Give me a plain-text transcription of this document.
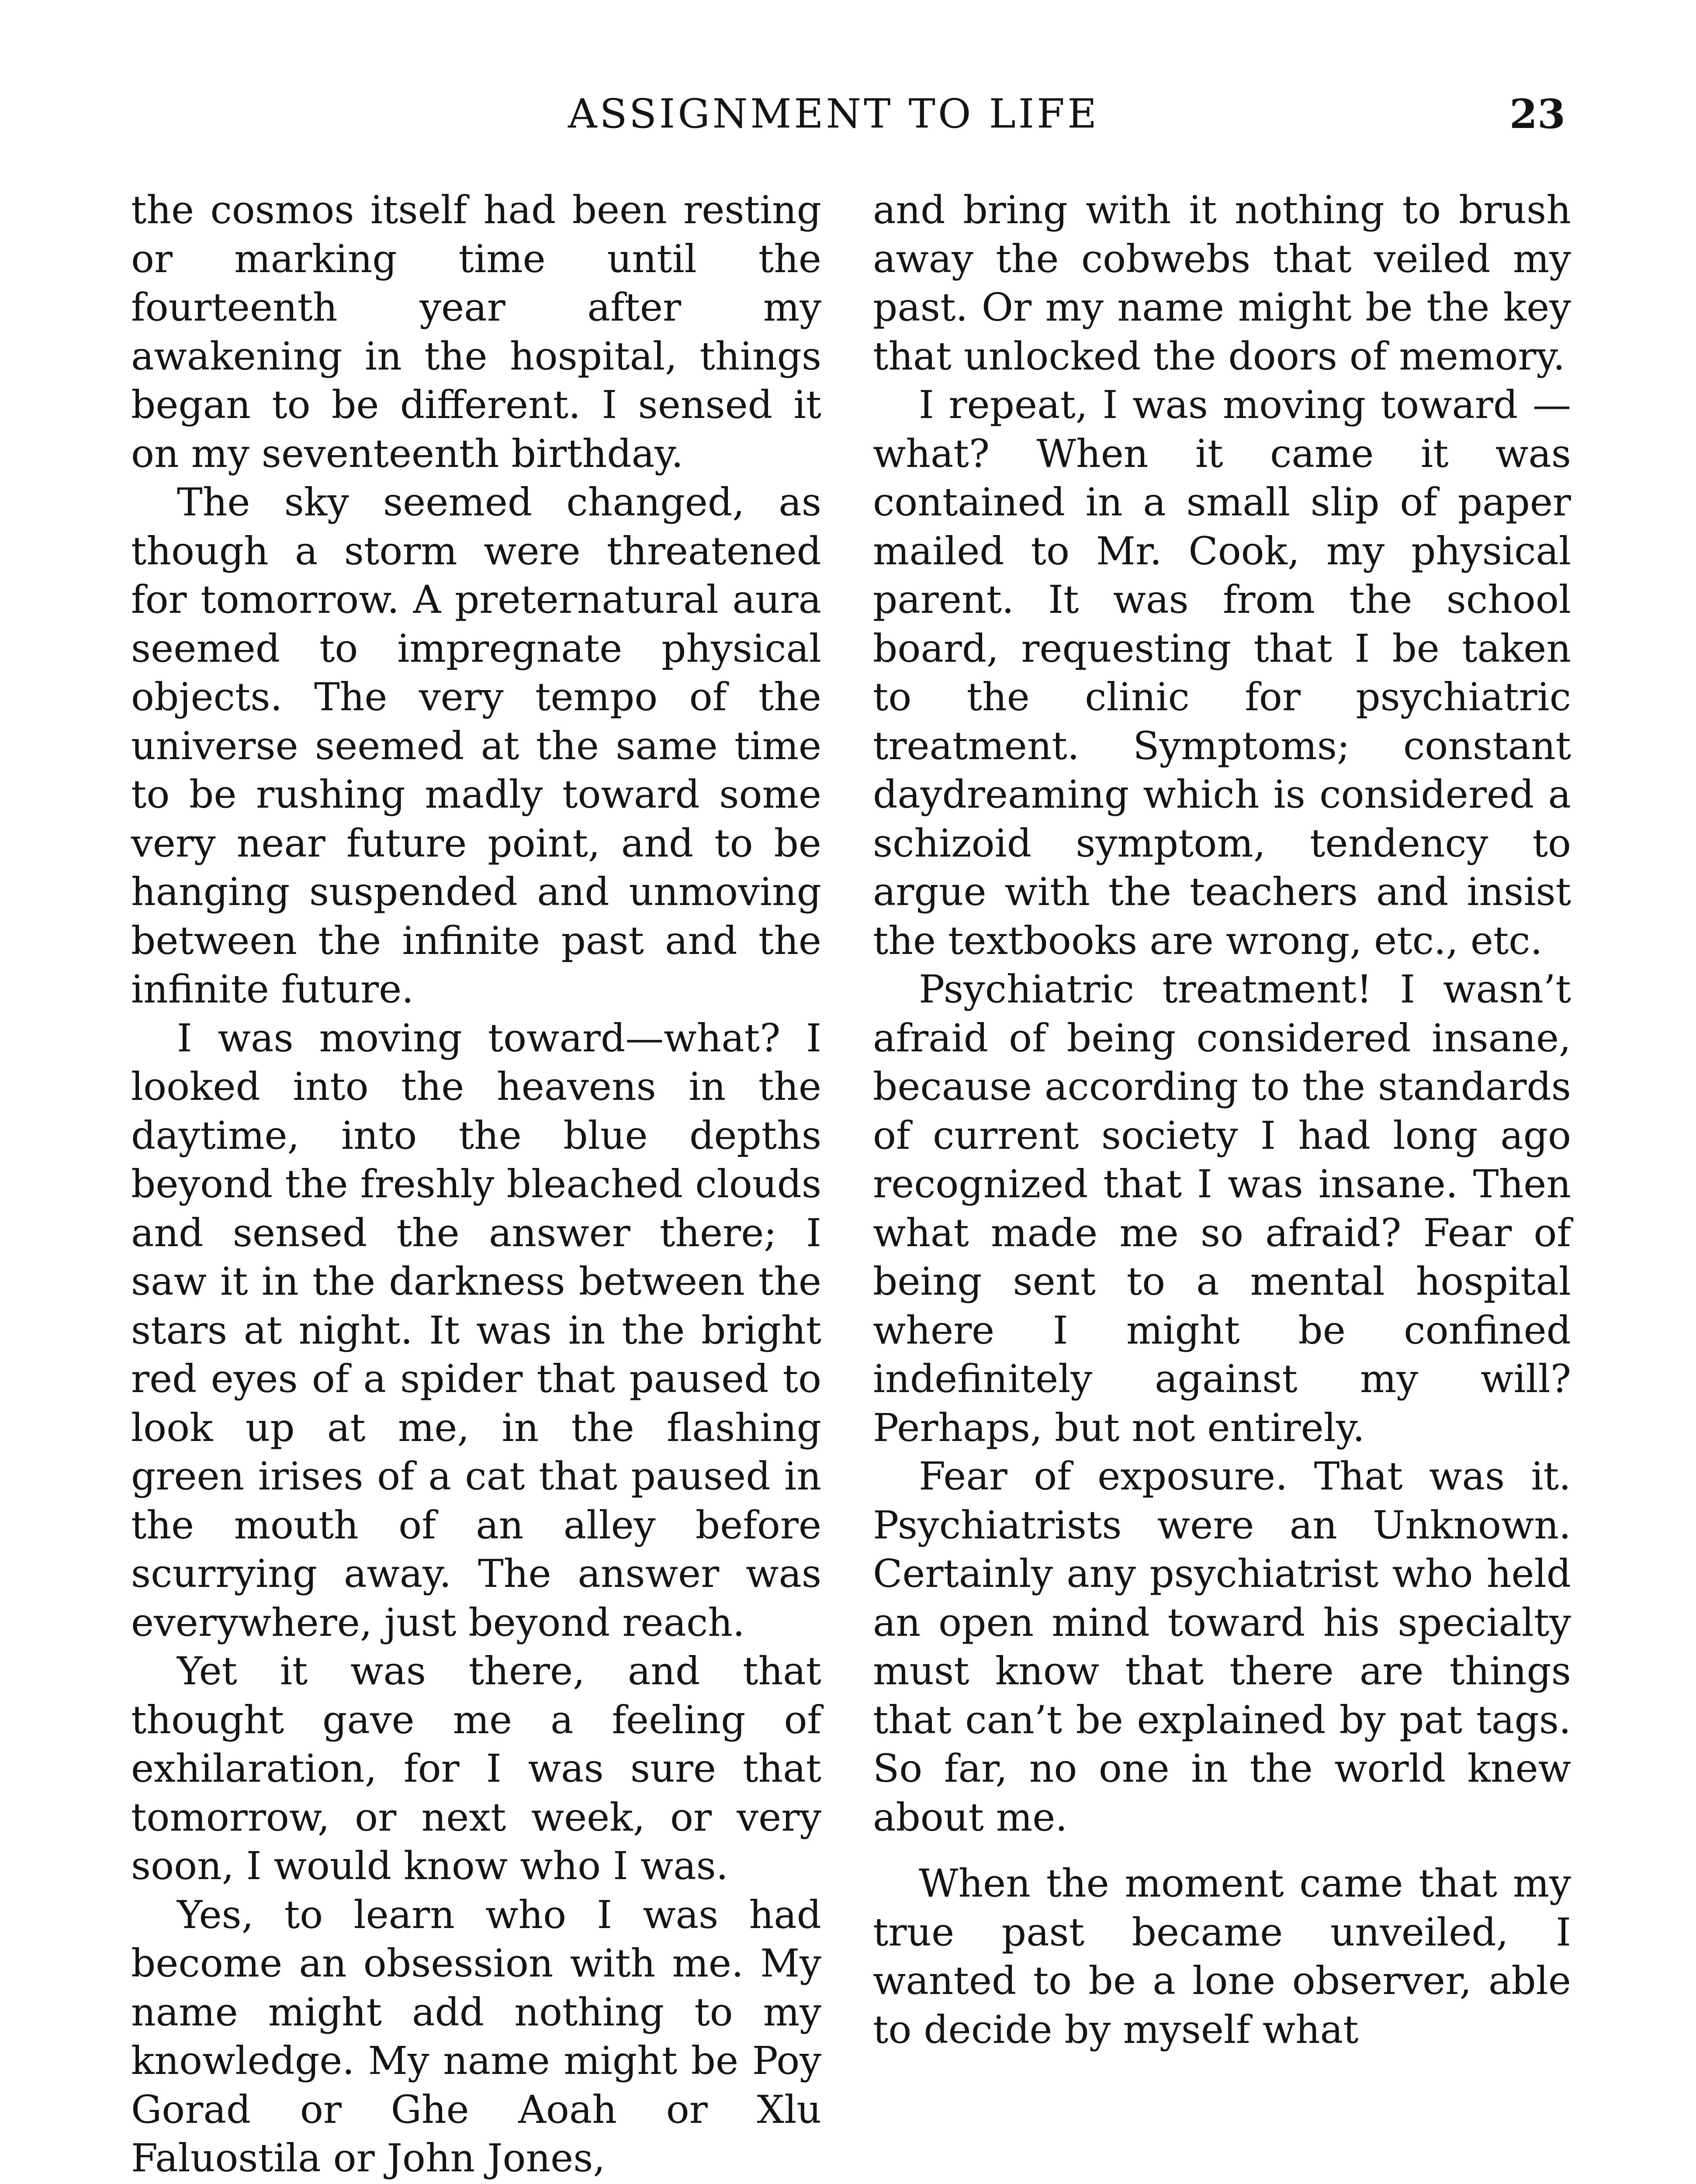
ASSIGNMENT TO LIFE	23

the cosmos itself had been resting or marking time until the fourteenth year after my awakening in the hospital, things began to be different. I sensed it on my seventeenth birthday.

The sky seemed changed, as though a storm were threatened for tomorrow. A preternatural aura seemed to impregnate physical objects. The very tempo of the universe seemed at the same time to be rushing madly toward some very near future point, and to be hanging suspended and unmoving between the infinite past and the infinite future.

I was moving toward—what? I looked into the heavens in the daytime, into the blue depths beyond the freshly bleached clouds and sensed the answer there; I saw it in the darkness between the stars at night. It was in the bright red eyes of a spider that paused to look up at me, in the flashing green irises of a cat that paused in the mouth of an alley before scurrying away. The answer was everywhere, just beyond reach.

Yet it was there, and that thought gave me a feeling of exhilaration, for I was sure that tomorrow, or next week, or very soon, I would know who I was.

Yes, to learn who I was had become an obsession with me. My name might add nothing to my knowledge. My name might be Poy Gorad or Ghe Aoah or Xlu Faluostila or John Jones,

and bring with it nothing to brush away the cobwebs that veiled my past. Or my name might be the key that unlocked the doors of memory.

I repeat, I was moving toward —what? When it came it was contained in a small slip of paper mailed to Mr. Cook, my physical parent. It was from the school board, requesting that I be taken to the clinic for psychiatric treatment. Symptoms; constant daydreaming which is considered a schizoid symptom, tendency to argue with the teachers and insist the textbooks are wrong, etc., etc.

Psychiatric treatment! I wasn’t afraid of being considered insane, because according to the standards of current society I had long ago recognized that I was insane. Then what made me so afraid? Fear of being sent to a mental hospital where I might be confined indefinitely against my will? Perhaps, but not entirely.

Fear of exposure. That was it. Psychiatrists were an Unknown. Certainly any psychiatrist who held an open mind toward his specialty must know that there are things that can’t be explained by pat tags. So far, no one in the world knew about me.

When the moment came that my true past became unveiled, I wanted to be a lone observer, able to decide by myself what
